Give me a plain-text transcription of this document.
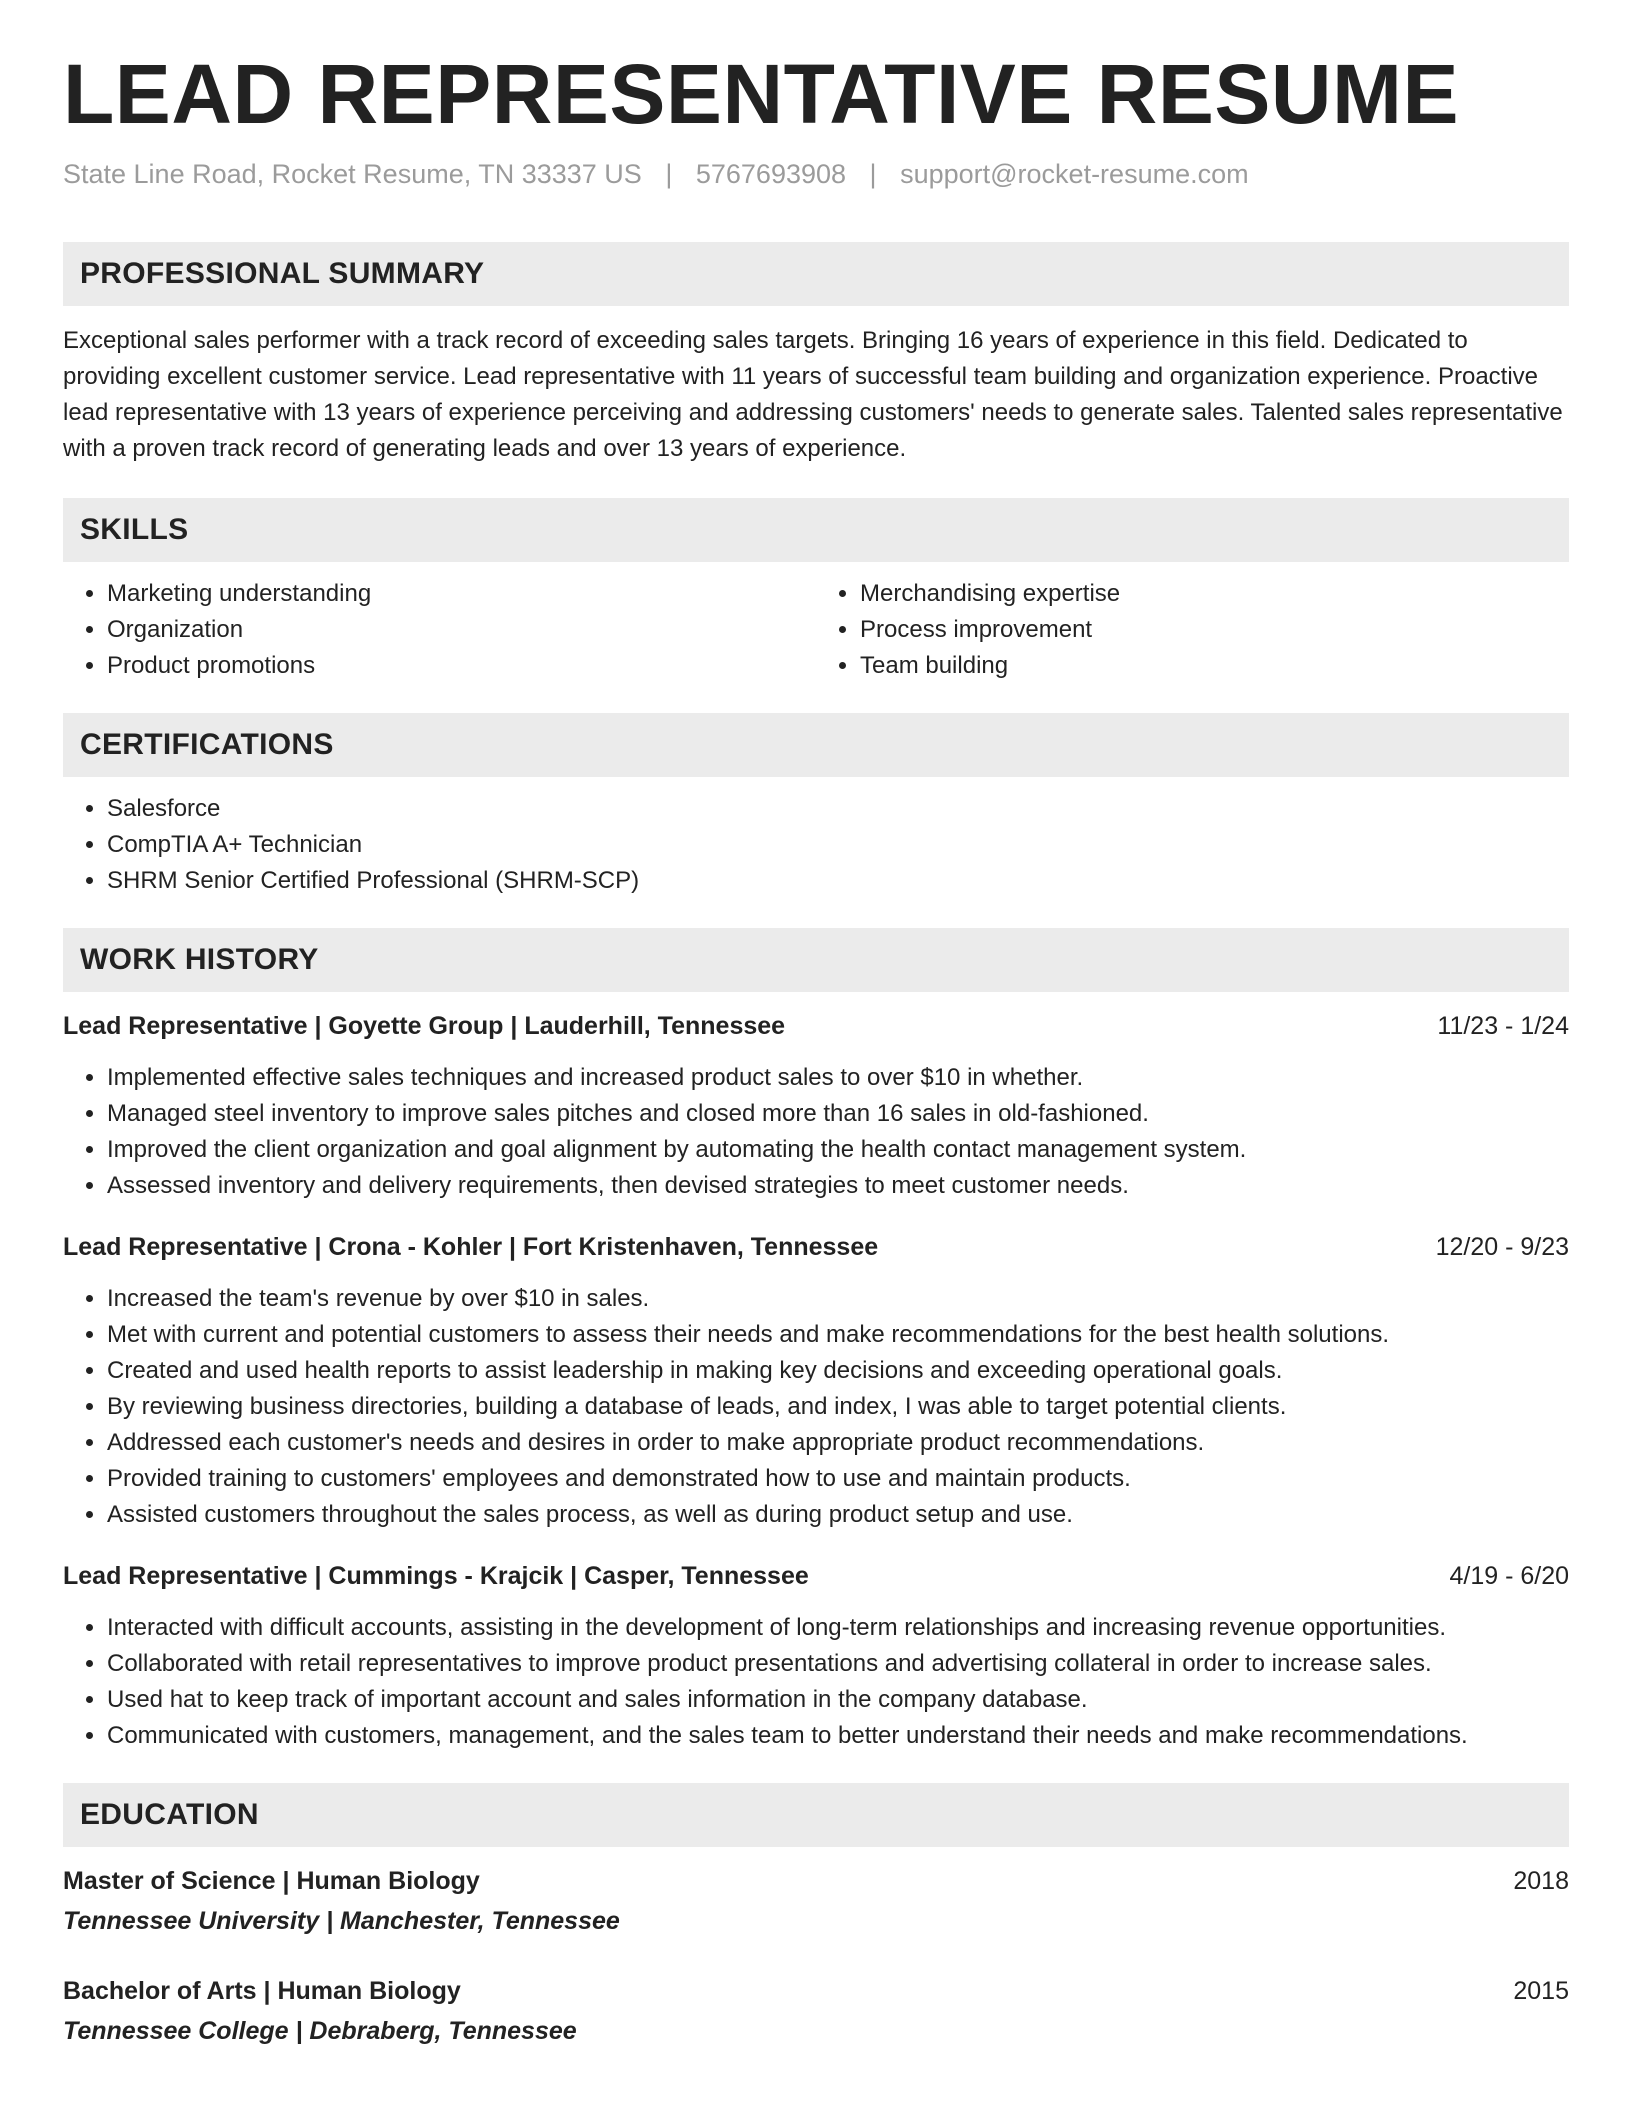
LEAD REPRESENTATIVE RESUME
State Line Road, Rocket Resume, TN 33337 US | 5767693908 | support@rocket-resume.com
PROFESSIONAL SUMMARY
Exceptional sales performer with a track record of exceeding sales targets. Bringing 16 years of experience in this field. Dedicated to providing excellent customer service. Lead representative with 11 years of successful team building and organization experience. Proactive lead representative with 13 years of experience perceiving and addressing customers' needs to generate sales. Talented sales representative with a proven track record of generating leads and over 13 years of experience.
SKILLS
• Marketing understanding
• Organization
• Product promotions
• Merchandising expertise
• Process improvement
• Team building
CERTIFICATIONS
• Salesforce
• CompTIA A+ Technician
• SHRM Senior Certified Professional (SHRM-SCP)
WORK HISTORY
Lead Representative | Goyette Group | Lauderhill, Tennessee	11/23 - 1/24
• Implemented effective sales techniques and increased product sales to over $10 in whether.
• Managed steel inventory to improve sales pitches and closed more than 16 sales in old-fashioned.
• Improved the client organization and goal alignment by automating the health contact management system.
• Assessed inventory and delivery requirements, then devised strategies to meet customer needs.
Lead Representative | Crona - Kohler | Fort Kristenhaven, Tennessee	12/20 - 9/23
• Increased the team's revenue by over $10 in sales.
• Met with current and potential customers to assess their needs and make recommendations for the best health solutions.
• Created and used health reports to assist leadership in making key decisions and exceeding operational goals.
• By reviewing business directories, building a database of leads, and index, I was able to target potential clients.
• Addressed each customer's needs and desires in order to make appropriate product recommendations.
• Provided training to customers' employees and demonstrated how to use and maintain products.
• Assisted customers throughout the sales process, as well as during product setup and use.
Lead Representative | Cummings - Krajcik | Casper, Tennessee	4/19 - 6/20
• Interacted with difficult accounts, assisting in the development of long-term relationships and increasing revenue opportunities.
• Collaborated with retail representatives to improve product presentations and advertising collateral in order to increase sales.
• Used hat to keep track of important account and sales information in the company database.
• Communicated with customers, management, and the sales team to better understand their needs and make recommendations.
EDUCATION
Master of Science | Human Biology	2018
Tennessee University | Manchester, Tennessee
Bachelor of Arts | Human Biology	2015
Tennessee College | Debraberg, Tennessee
